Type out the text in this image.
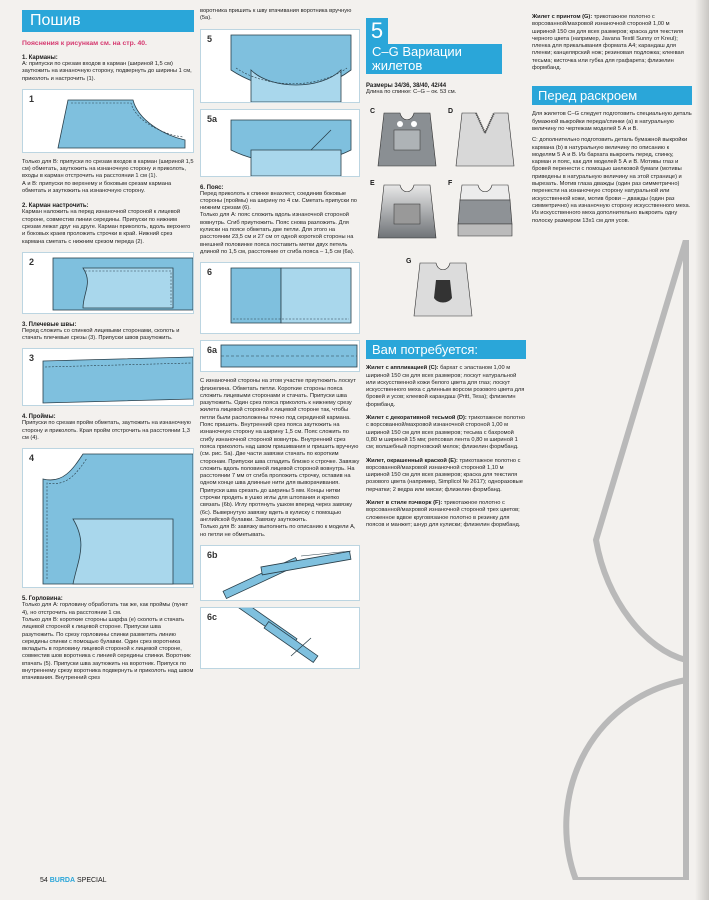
Пошив
Пояснения к рисункам см. на стр. 40.

1. Карманы:

А: припуски по срезам входов в карман (шириной 1,5 см) заутюжить на изнаночную сторону, подвернуть до ширины 1 см, приколоть и настрочить (1).

1

Только для B: припуски по срезам входов в карман (шириной 1,5 см) обметать, заутюжить на изнаночную сторону и приколоть, входы в карман отстрочить на расстоянии 1 см (1).

А и B: припуски по верхнему и боковым срезам кармана обметать и заутюжить на изнаночную сторону.

2. Карман настрочить:

Карман наложить на перед изнаночной стороной к лицевой стороне, совместив линии середины. Припуски по нижним срезам лежат друг на друге. Карман приколоть, вдоль верхнего и боковых краев проложить строчки в край. Нижний срез кармана сметать с нижним срезом переда (2).

2

3. Плечевые швы:

Перед сложить со спинкой лицевыми сторонами, сколоть и стачать плечевые срезы (3). Припуски швов разутюжить.

3

4. Проймы:

Припуски по срезам пройм обметать, заутюжить на изнаночную сторону и приколоть. Края пройм отстрочить на расстоянии 1,3 см (4).

4

5. Горловина:

Только для A: горловину обработать так же, как проймы (пункт 4), но отстрочить на расстоянии 1 см.

Только для B: короткие стороны шарфа (е) сколоть и стачать лицевой стороной к лицевой стороне. Припуски шва разутюжить. По срезу горловины спинки разметить линию середины спинки с помощью булавки. Один срез воротника вкладыть в горловину лицевой стороной к лицевой стороне, совместив шов воротника с линией середины спинки. Воротник втачать (5). Припуски шва заутюжить на воротник. Припуск по внутреннему срезу воротника подвернуть и приколоть над швом втачивания. Внутренний срез

воротника пришить к шву втачивания воротника вручную (5а).

5
5a

6. Пояс:

Перед приколоть к спинке внахлест, соединив боковые стороны (проймы) на ширину по 4 см. Сметать припуски по нижним срезам (6).

Только для A: пояс сложить вдоль изнаночной стороной вовнутрь. Сгиб приутюжить. Пояс снова разложить. Для кулиски на поясе обметать две петли. Для этого на расстоянии 23,5 см и 27 см от одной короткой стороны на внешней половинке пояса поставить метки двух петель длиной по 1,5 см, расстояние от сгиба пояса – 1,5 см (6а).

6
6a

С изнаночной стороны на этом участке приутюжить лоскут флизелина. Обметать петли. Короткие стороны пояса сложить лицевыми сторонами и стачать. Припуски шва разутюжить. Один срез пояса приколоть к нижнему срезу жилета лицевой стороной к лицевой стороне так, чтобы петли были расположены точно под серединой кармана. Пояс пришить. Внутренний срез пояса заутюжить на изнаночную сторону на ширину 1,5 см. Пояс сложить по сгибу изнаночной стороной вовнутрь. Внутренний срез пояса приколоть над швом пришивания и пришить вручную (см. рис. 5а). Две части завязки стачать по коротким сторонам. Припуски шва сгладить близко к строчке. Завязку сложить вдоль половиной лицевой стороной вовнутрь. На расстоянии 7 мм от сгиба проложить строчку, оставив на одном конце шва длинные нити для выворачивания. Припуски шва срезать до ширины 5 мм. Концы нитки строчки продеть в ушко иглы для штопания и крепко связать (6b). Иглу протянуть ушком вперед через завязку (6с). Вывернутую завязку вдеть в кулиску с помощью английской булавки. Завязку заутюжить.

Только для B: завязку выполнить по описанию к модели A, но петли не обметывать.

6b
6c
5C–G Вариации жилетов

Размеры 34/36, 38/40, 42/44

Длина по спинке: C–G – ок. 53 см.

C	D
E	F
G
Вам потребуется:

Жилет с аппликацией (C): бархат с эластаном 1,00 м шириной 150 см для всех размеров; лоскут натуральной или искусственной кожи белого цвета для глаз; лоскут искусственного меха с длинным ворсом розового цвета для бровей и усов; клеевой карандаш (Pritt, Tesa); флизелин формбанд.

Жилет с декоративной тесьмой (D): трикотажное полотно с ворсованной/махровой изнаночной стороной 1,00 м шириной 150 см для всех размеров; тесьма с бахромой 0,80 м шириной 15 мм; репсовая лента 0,80 м шириной 1 см; волшебный портновский мелок; флизелин формбанд.

Жилет, окрашенный краской (E): трикотажное полотно с ворсованной/махровой изнаночной стороной 1,10 м шириной 150 см для всех размеров; краска для текстиля розового цвета (например, Simplicol № 2617); одноразовые перчатки; 2 ведра или миски; флизелин формбанд.

Жилет в стиле пэчворк (F): трикотажное полотно с ворсованной/махровой изнаночной стороной трех цветов; сложенное вдвое круговязаное полотно в резинку для поясов и манжет; шнур для кулиски; флизелин формбанд.

Жилет с принтом (G): трикотажное полотно с ворсованной/махровой изнаночной стороной 1,00 м шириной 150 см для всех размеров; краска для текстиля черного цвета (например, Javana Textil Sunny от Kreul); пленка для прикалывания формата A4; карандаш для пленки; канцелярский нож; резиновая подложка; клеевая тесьма; кисточка или губка для графарета; флизелин формбанд.

Перед раскроем

Для жилетов C–G следует подготовить специальную деталь бумажной выкройки переда/спинки (а) в натуральную величину по чертежам моделей 5 А и B.

C: дополнительно подготовить деталь бумажной выкройки кармана (b) в натуральную величину по описанию к моделям 5 А и B. Из бархата выкроить перед, спинку, карман и пояс, как для моделей 5 А и B. Мотивы глаз и бровей перенести с помощью шелковой бумаги (мотивы приведены в натуральную величину на этой странице) и вырезать. Мотив глаза дважды (один раз симметрично) перенести на изнаночную сторону натуральной или искусственной кожи, мотив брови – дважды (один раз симметрично) на изнаночную сторону искусственного меха. Из искусственного меха дополнительно выкроить одну полоску размером 13х1 см для усов.

54 BURDA SPECIAL
